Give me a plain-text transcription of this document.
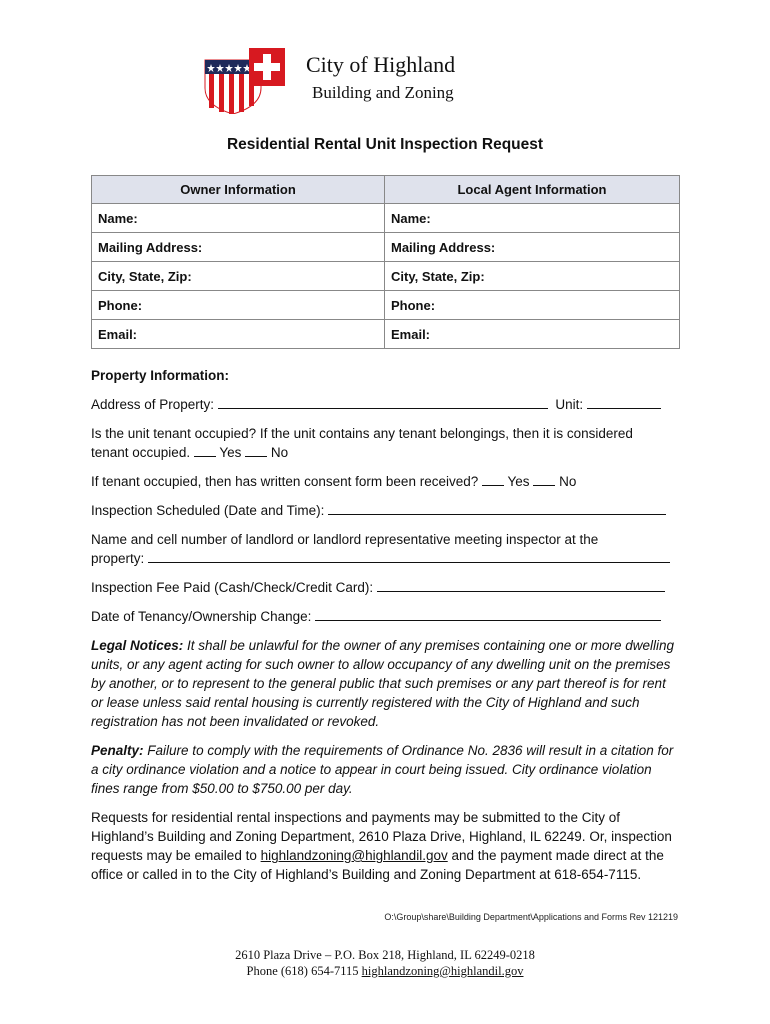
City of Highland
Building and Zoning
Residential Rental Unit Inspection Request
Owner Information	Local Agent Information
Name:	Name:
Mailing Address:	Mailing Address:
City, State, Zip:	City, State, Zip:
Phone:	Phone:
Email:	Email:

Property Information:

Address of Property:	Unit:

Is the unit tenant occupied? If the unit contains any tenant belongings, then it is considered
tenant occupied. Yes No

If tenant occupied, then has written consent form been received? Yes No

Inspection Scheduled (Date and Time):

Name and cell number of landlord or landlord representative meeting inspector at the
property:

Inspection Fee Paid (Cash/Check/Credit Card):

Date of Tenancy/Ownership Change:

Legal Notices: It shall be unlawful for the owner of any premises containing one or more dwelling units, or any agent acting for such owner to allow occupancy of any dwelling unit on the premises by another, or to represent to the general public that such premises or any part thereof is for rent or lease unless said rental housing is currently registered with the City of Highland and such registration has not been invalidated or revoked.

Penalty: Failure to comply with the requirements of Ordinance No. 2836 will result in a citation for a city ordinance violation and a notice to appear in court being issued. City ordinance violation fines range from $50.00 to $750.00 per day.

Requests for residential rental inspections and payments may be submitted to the City of Highland’s Building and Zoning Department, 2610 Plaza Drive, Highland, IL 62249. Or, inspection requests may be emailed to highlandzoning@highlandil.gov and the payment made direct at the office or called in to the City of Highland’s Building and Zoning Department at 618-654-7115.

O:\Group\share\Building Department\Applications and Forms Rev 121219
2610 Plaza Drive – P.O. Box 218, Highland, IL 62249-0218
Phone (618) 654-7115 highlandzoning@highlandil.gov
